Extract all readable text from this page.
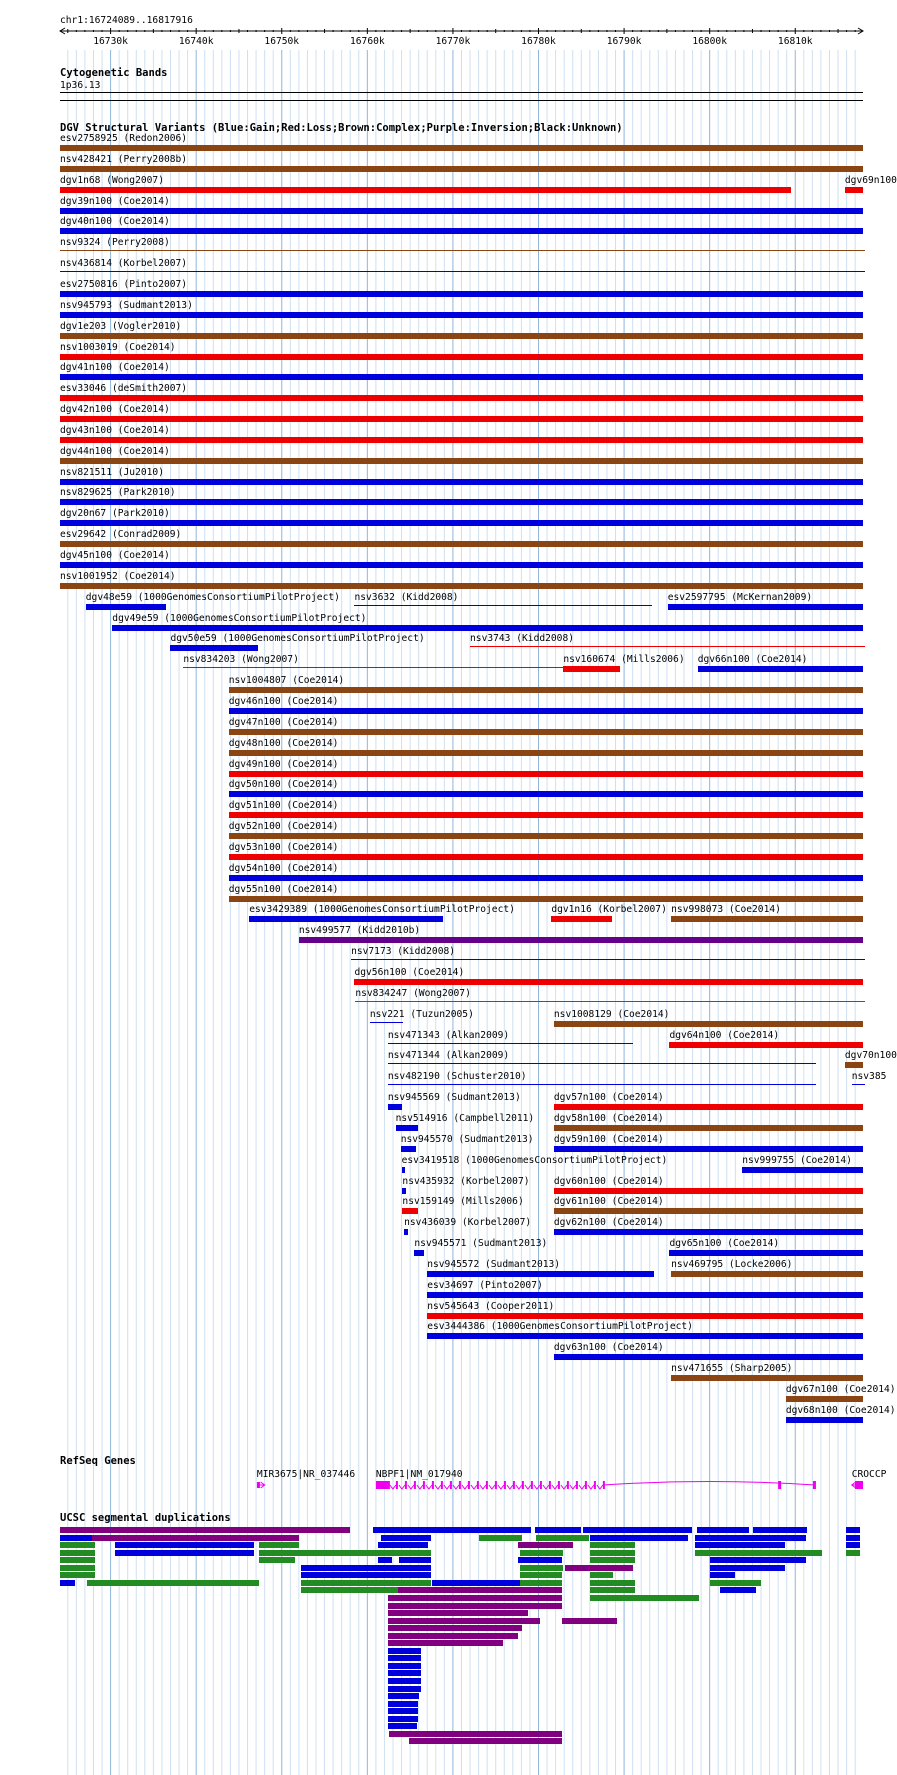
chr1:16724089..16817916
16730k	16740k	16750k	16760k	16770k	16780k	16790k	16800k	16810k
Cytogenetic Bands
1p36.13
DGV Structural Variants (Blue:Gain;Red:Loss;Brown:Complex;Purple:Inversion;Black:Unknown)
esv2758925 (Redon2006)
nsv428421 (Perry2008b)
dgv1n68 (Wong2007)	dgv69n100
dgv39n100 (Coe2014)
dgv40n100 (Coe2014)
nsv9324 (Perry2008)
nsv436814 (Korbel2007)
esv2750816 (Pinto2007)
nsv945793 (Sudmant2013)
dgv1e203 (Vogler2010)
nsv1003019 (Coe2014)
dgv41n100 (Coe2014)
esv33046 (deSmith2007)
dgv42n100 (Coe2014)
dgv43n100 (Coe2014)
dgv44n100 (Coe2014)
nsv821511 (Ju2010)
nsv829625 (Park2010)
dgv20n67 (Park2010)
esv29642 (Conrad2009)
dgv45n100 (Coe2014)
nsv1001952 (Coe2014)
dgv48e59 (1000GenomesConsortiumPilotProject) nsv3632 (Kidd2008)	esv2597795 (McKernan2009)
dgv49e59 (1000GenomesConsortiumPilotProject)
dgv50e59 (1000GenomesConsortiumPilotProject)	nsv3743 (Kidd2008)
nsv834203 (Wong2007)	nsv160674 (Mills2006) dgv66n100 (Coe2014)
nsv1004807 (Coe2014)
dgv46n100 (Coe2014)
dgv47n100 (Coe2014)
dgv48n100 (Coe2014)
dgv49n100 (Coe2014)
dgv50n100 (Coe2014)
dgv51n100 (Coe2014)
dgv52n100 (Coe2014)
dgv53n100 (Coe2014)
dgv54n100 (Coe2014)
dgv55n100 (Coe2014)
esv3429389 (1000GenomesConsortiumPilotProject)	dgv1n16 (Korbel2007) nsv998073 (Coe2014)
nsv499577 (Kidd2010b)
nsv7173 (Kidd2008)
dgv56n100 (Coe2014)
nsv834247 (Wong2007)
nsv221 (Tuzun2005)	nsv1008129 (Coe2014)
nsv471343 (Alkan2009)	dgv64n100 (Coe2014)
nsv471344 (Alkan2009)	dgv70n100
nsv482190 (Schuster2010)	nsv385
nsv945569 (Sudmant2013)	dgv57n100 (Coe2014)
nsv514916 (Campbell2011) dgv58n100 (Coe2014)
nsv945570 (Sudmant2013) dgv59n100 (Coe2014)
esv3419518 (1000GenomesConsortiumPilotProject)	nsv999755 (Coe2014)
nsv435932 (Korbel2007)	dgv60n100 (Coe2014)
nsv159149 (Mills2006)	dgv61n100 (Coe2014)
nsv436039 (Korbel2007) dgv62n100 (Coe2014)
nsv945571 (Sudmant2013)	dgv65n100 (Coe2014)
nsv945572 (Sudmant2013)	nsv469795 (Locke2006)
esv34697 (Pinto2007)
nsv545643 (Cooper2011)
esv3444386 (1000GenomesConsortiumPilotProject)
dgv63n100 (Coe2014)
nsv471655 (Sharp2005)
dgv67n100 (Coe2014)
dgv68n100 (Coe2014)
RefSeq Genes
MIR3675|NR_037446 NBPF1|NM_017940	CROCCP
UCSC segmental duplications
